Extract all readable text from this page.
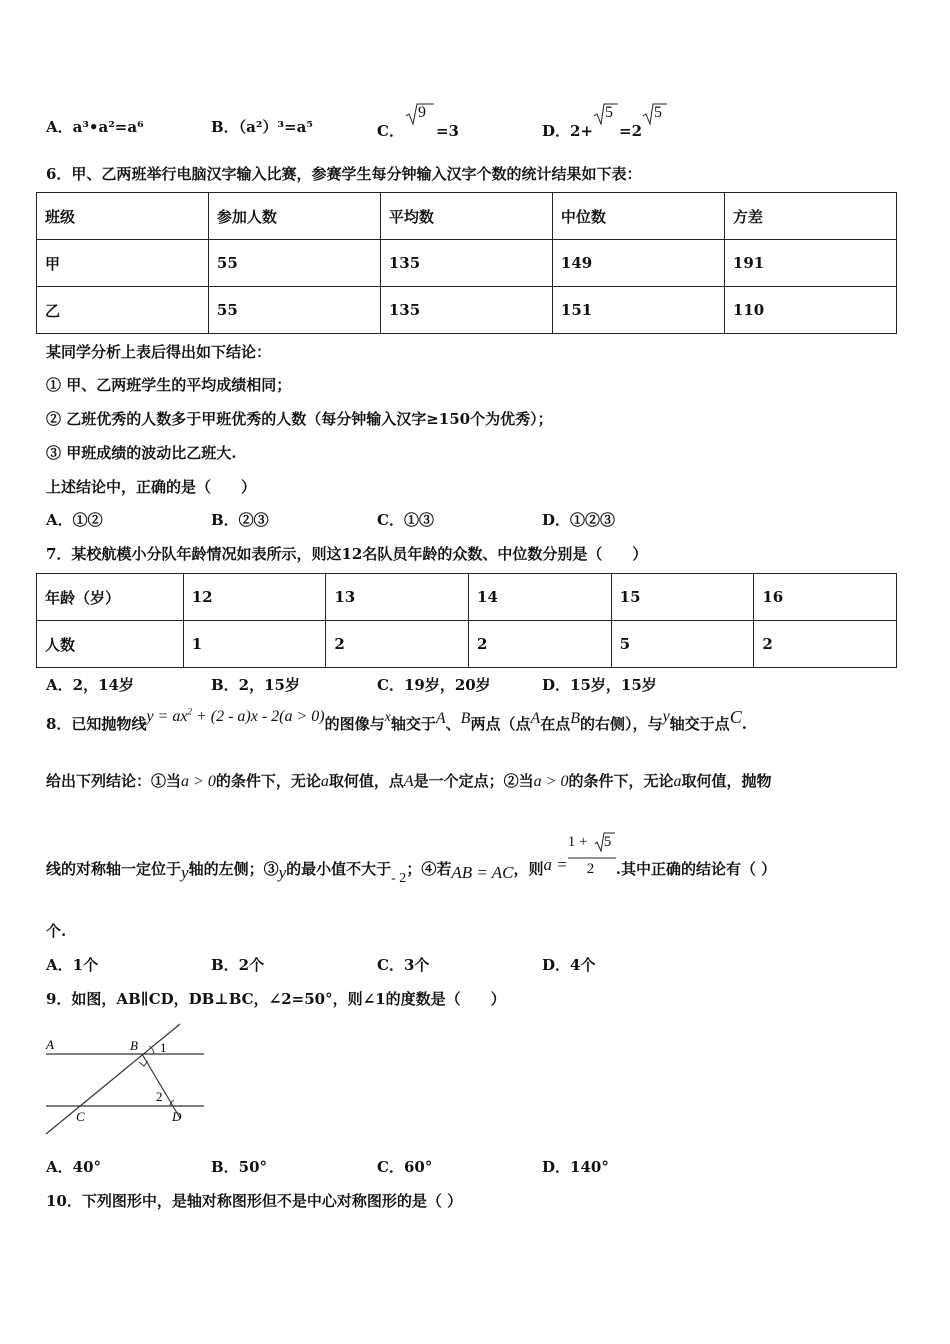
A．a³•a²=a⁶	B．（a²）³=a⁵	C．
9
=3	D．2+
5
=2
5
6．甲、乙两班举行电脑汉字输入比赛，参赛学生每分钟输入汉字个数的统计结果如下表：
班级	参加人数	平均数	中位数	方差
甲	55	135	149	191
乙	55	135	151	110
某同学分析上表后得出如下结论：
① 甲、乙两班学生的平均成绩相同；
② 乙班优秀的人数多于甲班优秀的人数（每分钟输入汉字≥150个为优秀）；
③ 甲班成绩的波动比乙班大.
上述结论中，正确的是（　　）
A．①②	B．②③	C．①③	D．①②③
7．某校航模小分队年龄情况如表所示，则这12名队员年龄的众数、中位数分别是（　　）
年龄（岁）	12	13	14	15	16
人数	1	2	2	5	2
A．2，14岁	B．2，15岁	C．19岁，20岁	D．15岁，15岁
8．已知抛物线$y = ax^2 + (2 - a)x - 2(a > 0)$的图像与x轴交于A、B两点（点A在点B的右侧），与y轴交于点C.
给出下列结论：①当a > 0的条件下，无论a取何值，点A是一个定点；②当a > 0的条件下，无论a取何值，抛物
线的对称轴一定位于y轴的左侧；③y的最小值不大于- 2；④若AB = AC，则a =
1 + 5
2 .其中正确的结论有（ ）
个.
A．1个	B．2个	C．3个	D．4个
9．如图，AB∥CD，DB⊥BC，∠2=50°，则∠1的度数是（　　）
A	B 1
2
C	D
A．40°	B．50°	C．60°	D．140°
10．下列图形中，是轴对称图形但不是中心对称图形的是（ ）
